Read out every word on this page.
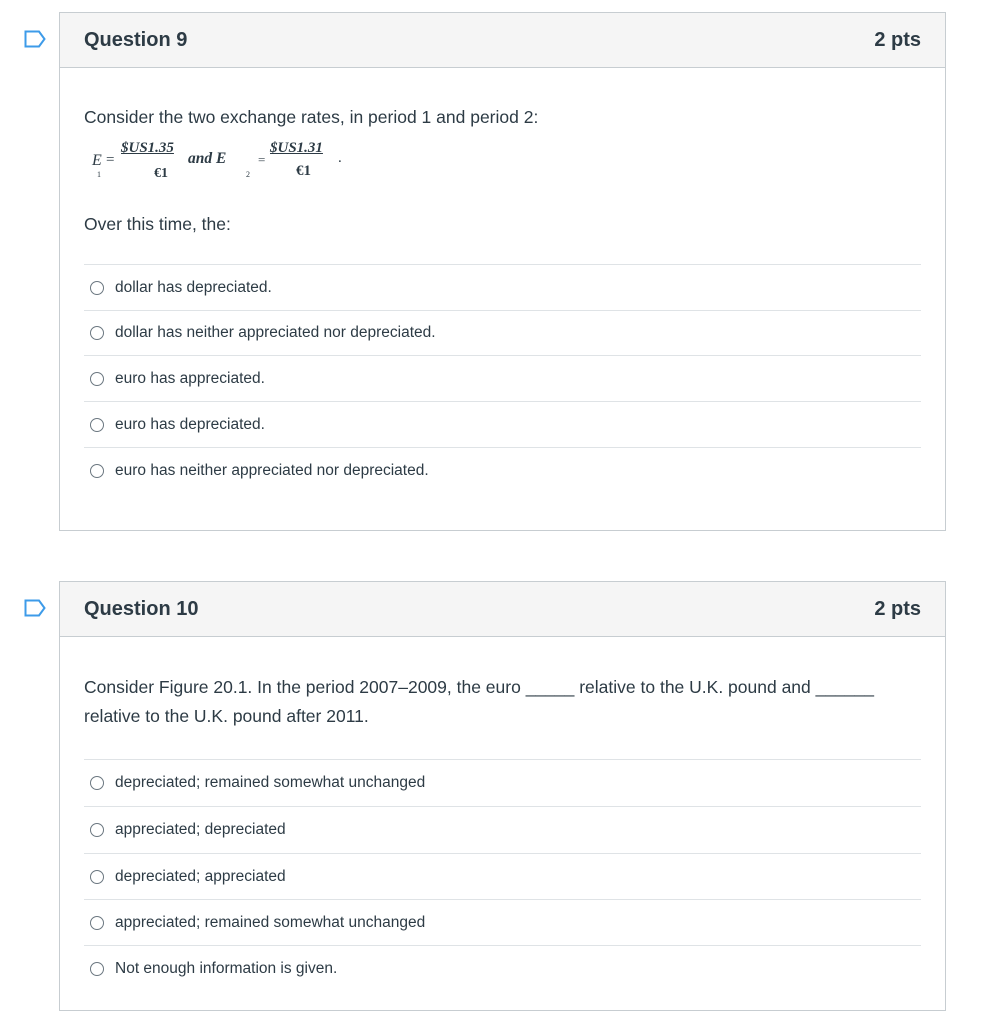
Question 9	2 pts
Consider the two exchange rates, in period 1 and period 2:
E
1
=
$US1.35
€1
and E
2
=
$US1.31
€1
.
Over this time, the:
dollar has depreciated.
dollar has neither appreciated nor depreciated.
euro has appreciated.
euro has depreciated.
euro has neither appreciated nor depreciated.
Question 10	2 pts
Consider Figure 20.1. In the period 2007–2009, the euro _____ relative to the U.K. pound and ______
relative to the U.K. pound after 2011.
depreciated; remained somewhat unchanged
appreciated; depreciated
depreciated; appreciated
appreciated; remained somewhat unchanged
Not enough information is given.
